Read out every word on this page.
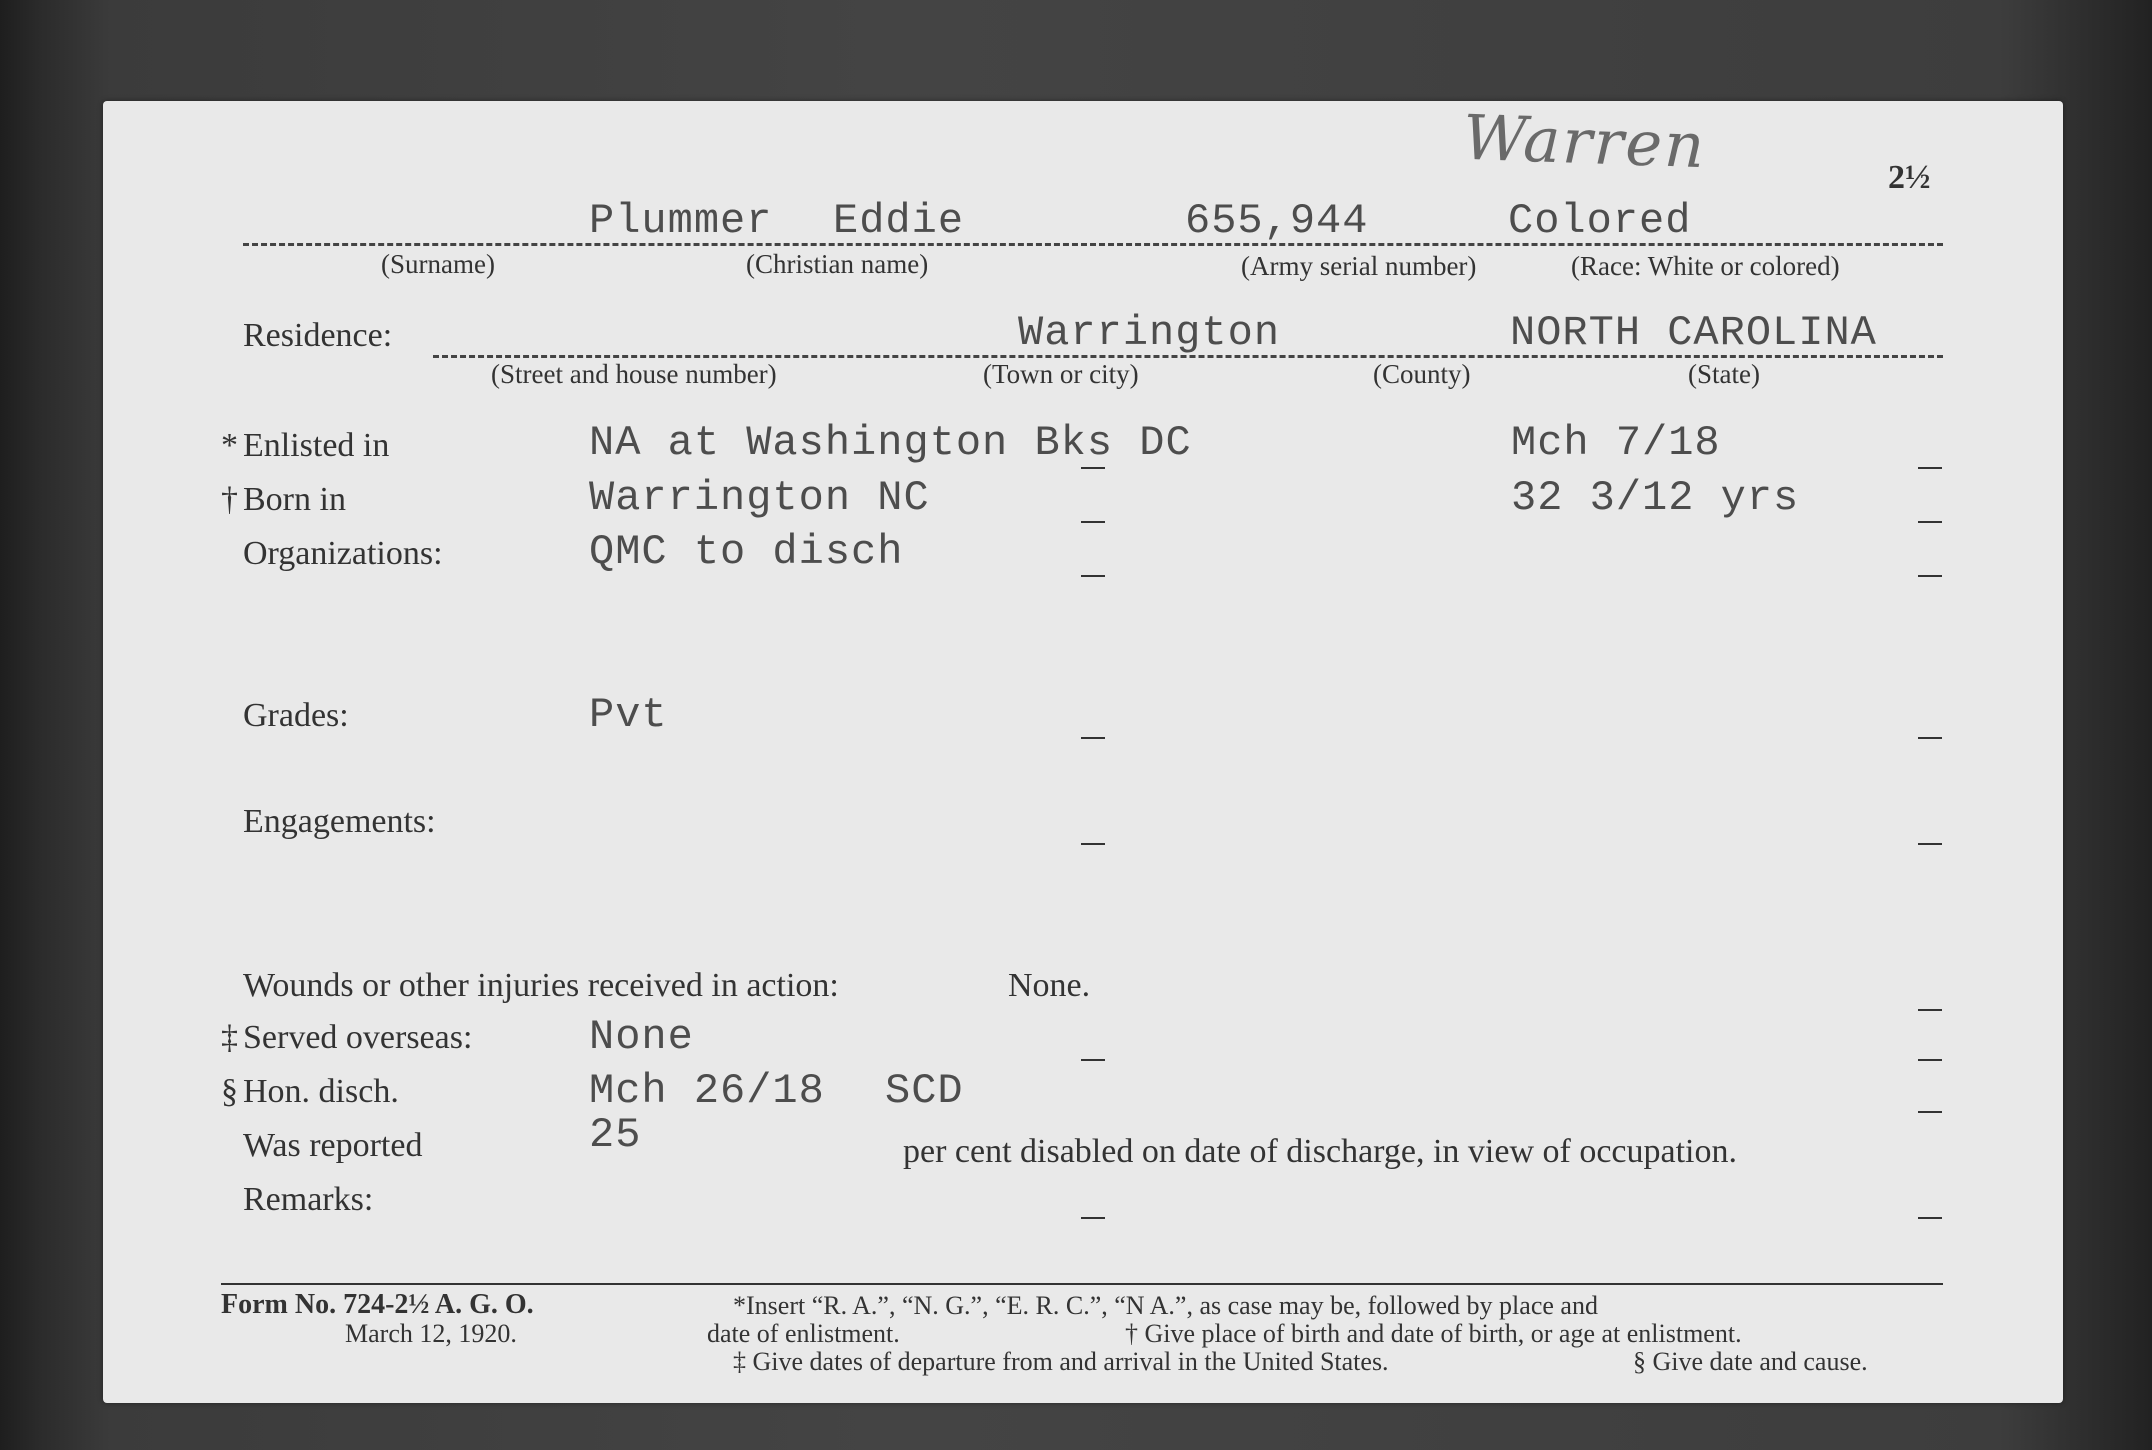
Warren	2½
Plummer Eddie	655,944	Colored
(Surname)	(Christian name)	(Army serial number)	(Race: White or colored)
Residence:	Warrington	NORTH CAROLINA
(Street and house number)	(Town or city)	(County)	(State)
* Enlisted in	NA at Washington Bks DC	Mch 7/18
† Born in	Warrington NC	32 3/12 yrs
Organizations:	QMC to disch
Grades:	Pvt
Engagements:
Wounds or other injuries received in action:	None.
‡ Served overseas:	None
§ Hon. disch.	Mch 26/18 SCD
Was reported	25	per cent disabled on date of discharge, in view of occupation.
Remarks:
Form No. 724-2½ A. G. O.
March 12, 1920.
*Insert “R. A.”, “N. G.”, “E. R. C.”, “N A.”, as case may be, followed by place and
date of enlistment.	† Give place of birth and date of birth, or age at enlistment.
‡ Give dates of departure from and arrival in the United States.	§ Give date and cause.
